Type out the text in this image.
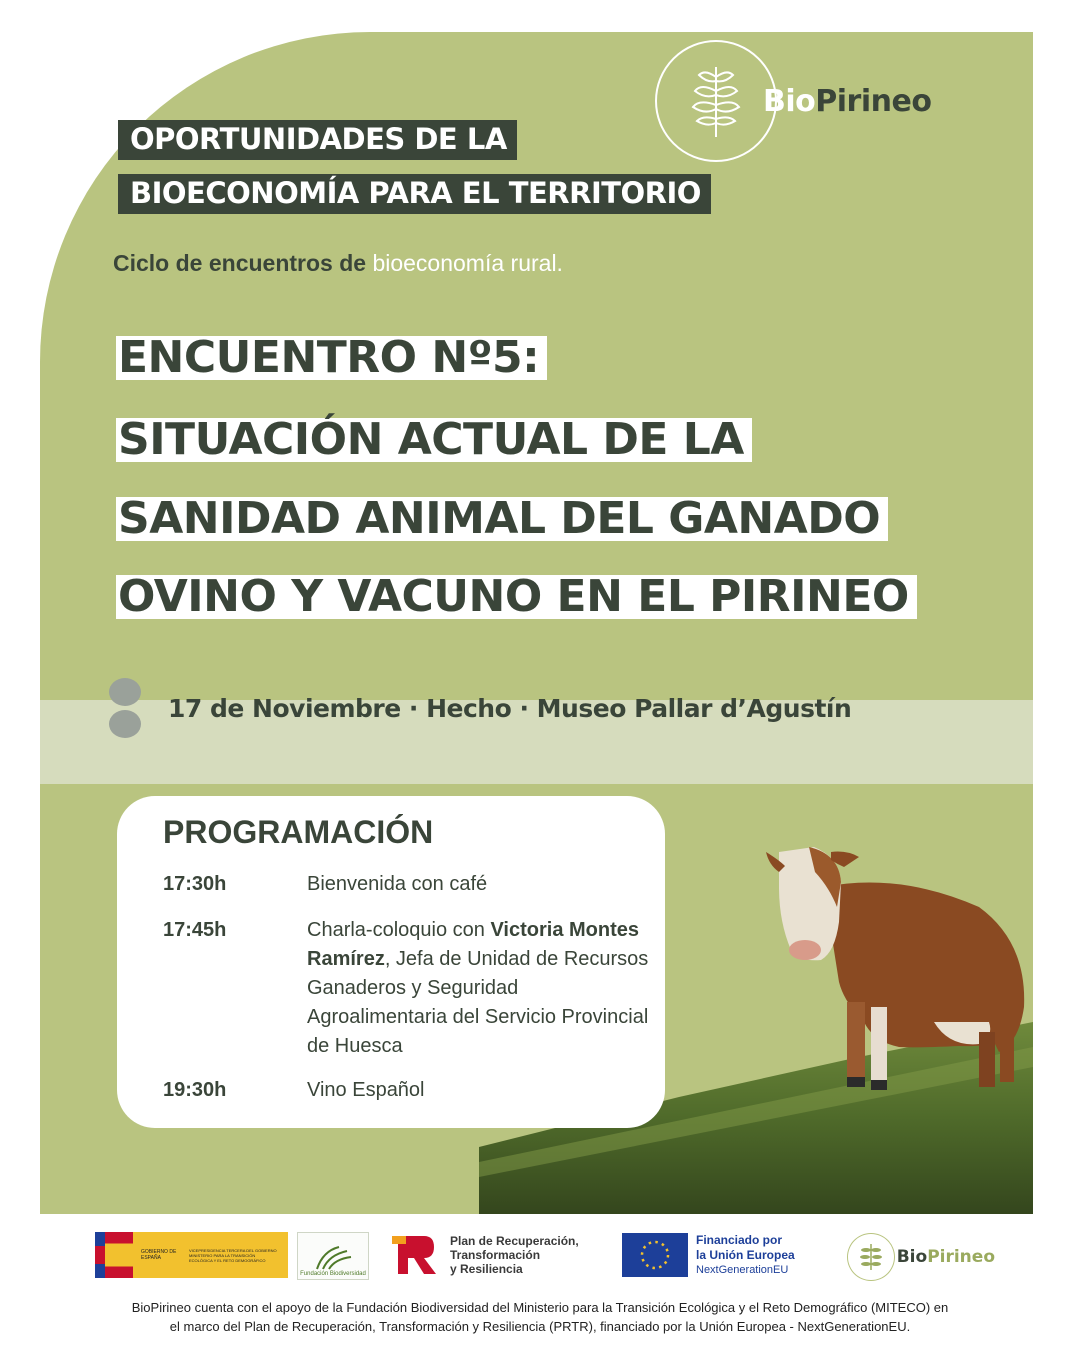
BioPirineo
OPORTUNIDADES DE LA
BIOECONOMÍA PARA EL TERRITORIO
Ciclo de encuentros de bioeconomía rural.
ENCUENTRO Nº5:
SITUACIÓN ACTUAL DE LA
SANIDAD ANIMAL DEL GANADO
OVINO Y VACUNO EN EL PIRINEO
17 de Noviembre · Hecho · Museo Pallar d’Agustín
PROGRAMACIÓN
17:30h	Bienvenida con café
17:45h	Charla-coloquio con Victoria Montes Ramírez, Jefa de Unidad de Recursos Ganaderos y Seguridad Agroalimentaria del Servicio Provincial de Huesca
19:30h	Vino Español
GOBIERNO DE ESPAÑA
VICEPRESIDENCIA TERCERA DEL GOBIERNO
MINISTERIO PARA LA TRANSICIÓN ECOLÓGICA Y EL RETO DEMOGRÁFICO
Fundación Biodiversidad
Plan de Recuperación,
Transformación
y Resiliencia
Financiado por
la Unión Europea
NextGenerationEU
BioPirineo
BioPirineo cuenta con el apoyo de la Fundación Biodiversidad del Ministerio para la Transición Ecológica y el Reto Demográfico (MITECO) en
el marco del Plan de Recuperación, Transformación y Resiliencia (PRTR), financiado por la Unión Europea - NextGenerationEU.
